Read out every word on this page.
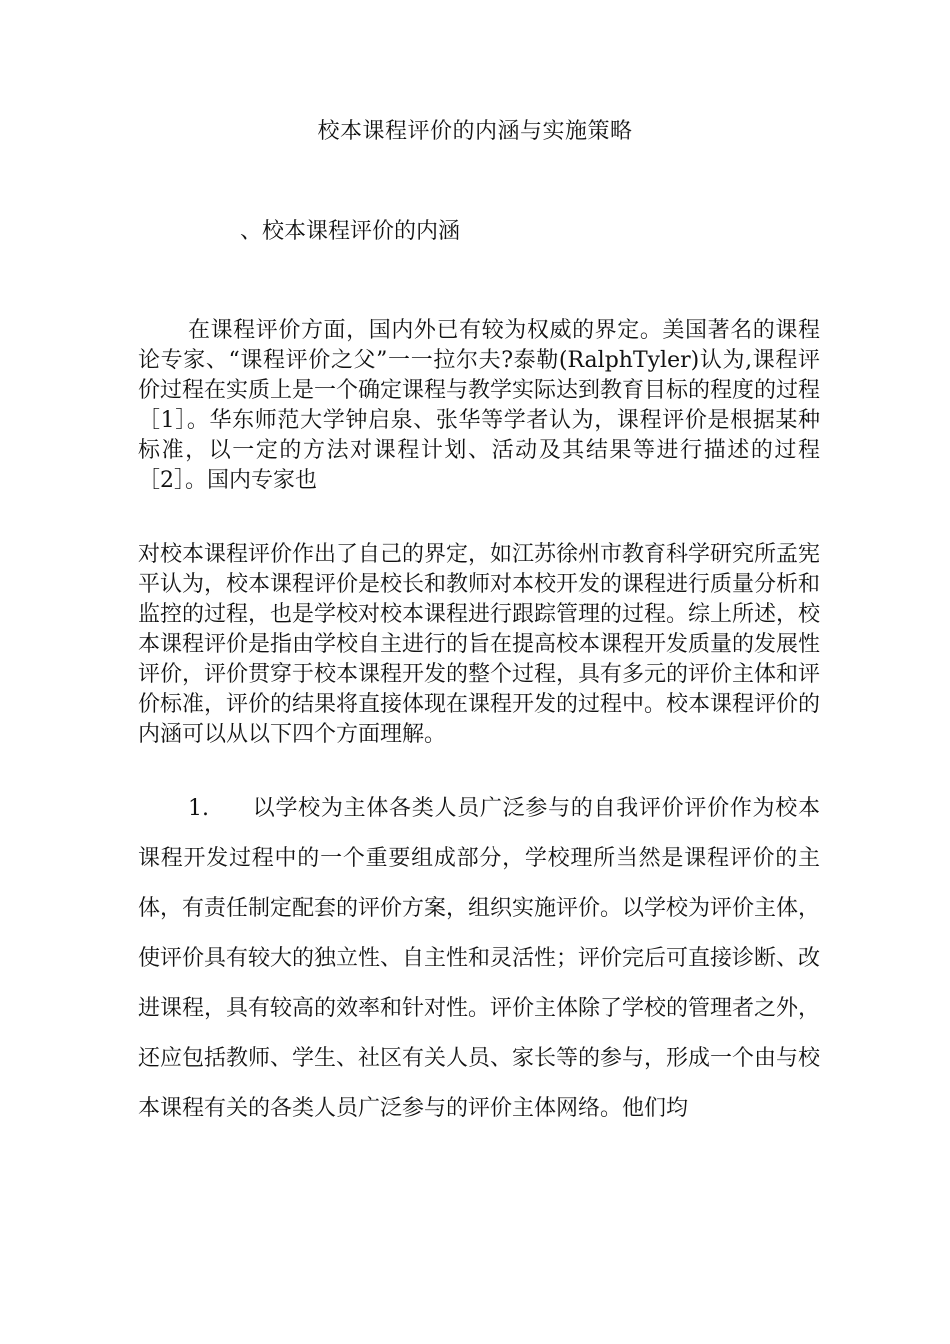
校本课程评价的内涵与实施策略
、校本课程评价的内涵

在课程评价方面，国内外已有较为权威的界定。美国著名的课程论专家、“课程评价之父”一一拉尔夫?泰勒(RalphTyler)认为,课程评价过程在实质上是一个确定课程与教学实际达到教育目标的程度的过程［1］。华东师范大学钟启泉、张华等学者认为，课程评价是根据某种标准，以一定的方法对课程计划、活动及其结果等进行描述的过程［2］。国内专家也

对校本课程评价作出了自己的界定，如江苏徐州市教育科学研究所孟宪平认为，校本课程评价是校长和教师对本校开发的课程进行质量分析和监控的过程，也是学校对校本课程进行跟踪管理的过程。综上所述，校本课程评价是指由学校自主进行的旨在提高校本课程开发质量的发展性评价，评价贯穿于校本课程开发的整个过程，具有多元的评价主体和评价标准，评价的结果将直接体现在课程开发的过程中。校本课程评价的内涵可以从以下四个方面理解。

1. 以学校为主体各类人员广泛参与的自我评价评价作为校本课程开发过程中的一个重要组成部分，学校理所当然是课程评价的主体，有责任制定配套的评价方案，组织实施评价。以学校为评价主体，使评价具有较大的独立性、自主性和灵活性；评价完后可直接诊断、改进课程，具有较高的效率和针对性。评价主体除了学校的管理者之外，还应包括教师、学生、社区有关人员、家长等的参与，形成一个由与校本课程有关的各类人员广泛参与的评价主体网络。他们均
